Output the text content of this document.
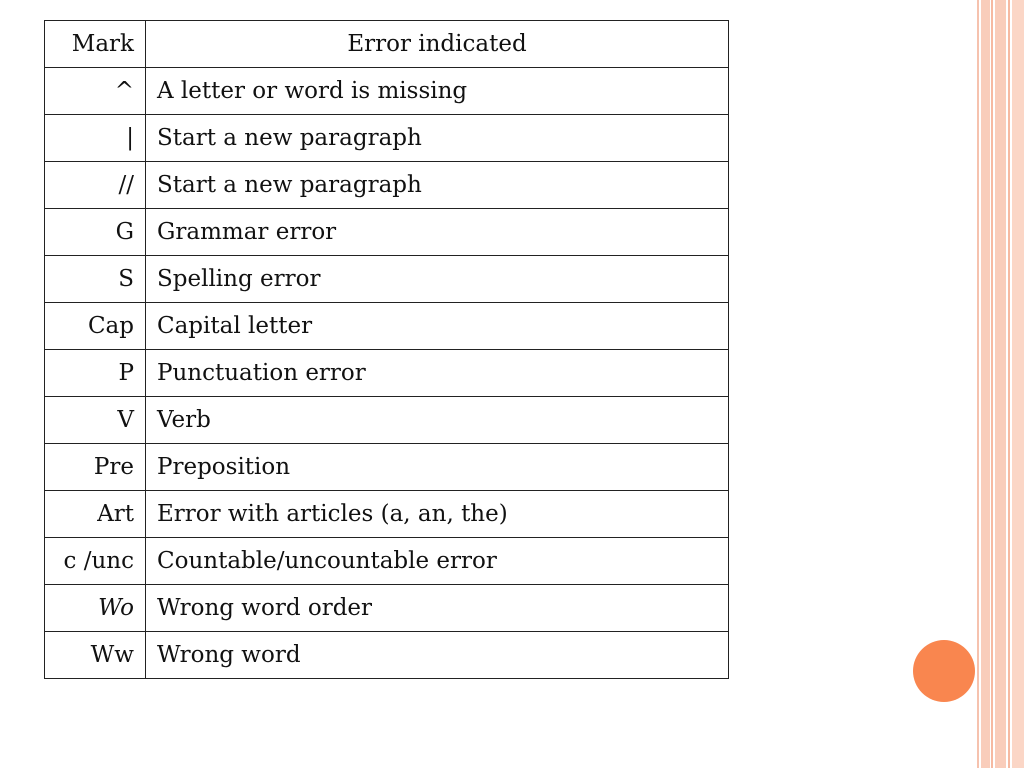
Mark	Error indicated
^	A letter or word is missing
|	Start a new paragraph
//	Start a new paragraph
G	Grammar error
S	Spelling error
Cap	Capital letter
P	Punctuation error
V	Verb
Pre	Preposition
Art	Error with articles (a, an, the)
c /unc	Countable/uncountable error
Wo	Wrong word order
Ww	Wrong word
